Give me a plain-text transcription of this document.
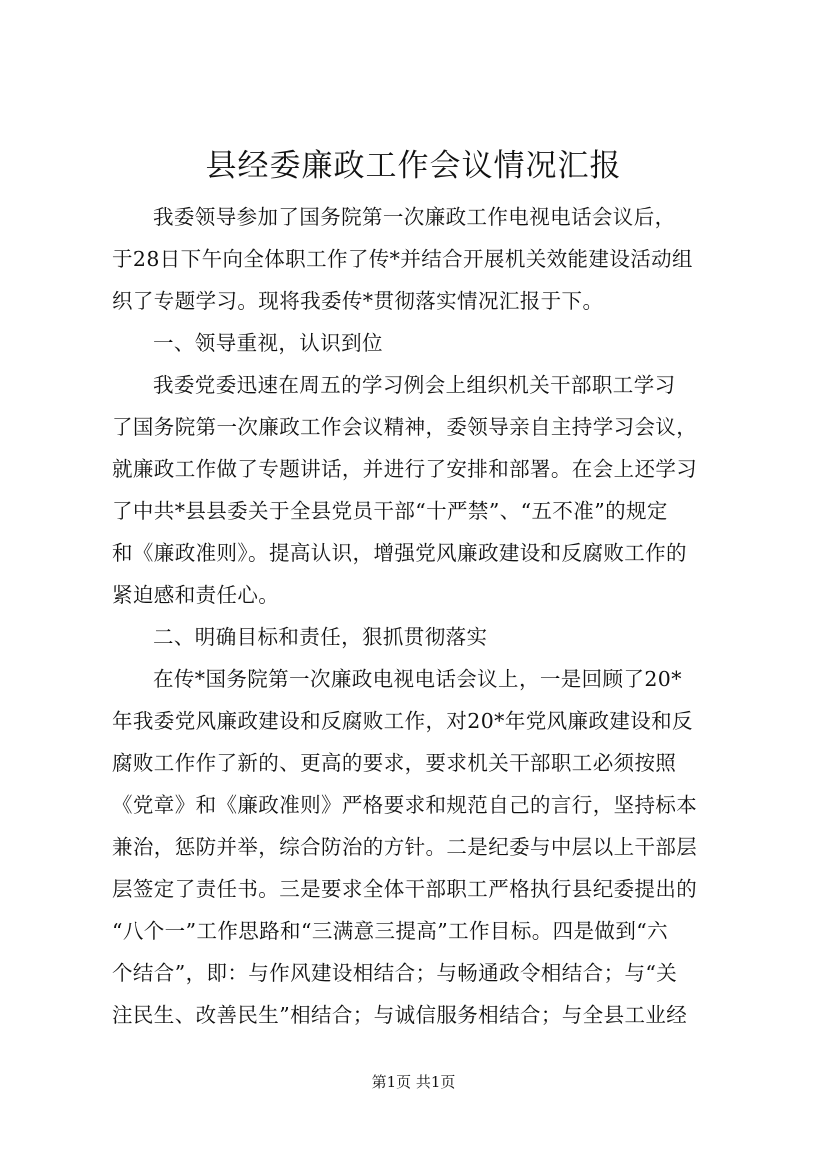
县经委廉政工作会议情况汇报
我委领导参加了国务院第一次廉政工作电视电话会议后，
于28日下午向全体职工作了传*并结合开展机关效能建设活动组
织了专题学习。现将我委传*贯彻落实情况汇报于下。
一、领导重视，认识到位
我委党委迅速在周五的学习例会上组织机关干部职工学习
了国务院第一次廉政工作会议精神，委领导亲自主持学习会议，
就廉政工作做了专题讲话，并进行了安排和部署。在会上还学习
了中共*县县委关于全县党员干部“十严禁”、“五不准”的规定
和《廉政准则》。提高认识，增强党风廉政建设和反腐败工作的
紧迫感和责任心。
二、明确目标和责任，狠抓贯彻落实
在传*国务院第一次廉政电视电话会议上，一是回顾了20*
年我委党风廉政建设和反腐败工作，对20*年党风廉政建设和反
腐败工作作了新的、更高的要求，要求机关干部职工必须按照
《党章》和《廉政准则》严格要求和规范自己的言行，坚持标本
兼治，惩防并举，综合防治的方针。二是纪委与中层以上干部层
层签定了责任书。三是要求全体干部职工严格执行县纪委提出的
“八个一”工作思路和“三满意三提高”工作目标。四是做到“六
个结合”，即：与作风建设相结合；与畅通政令相结合；与“关
注民生、改善民生”相结合；与诚信服务相结合；与全县工业经
第1页 共1页
